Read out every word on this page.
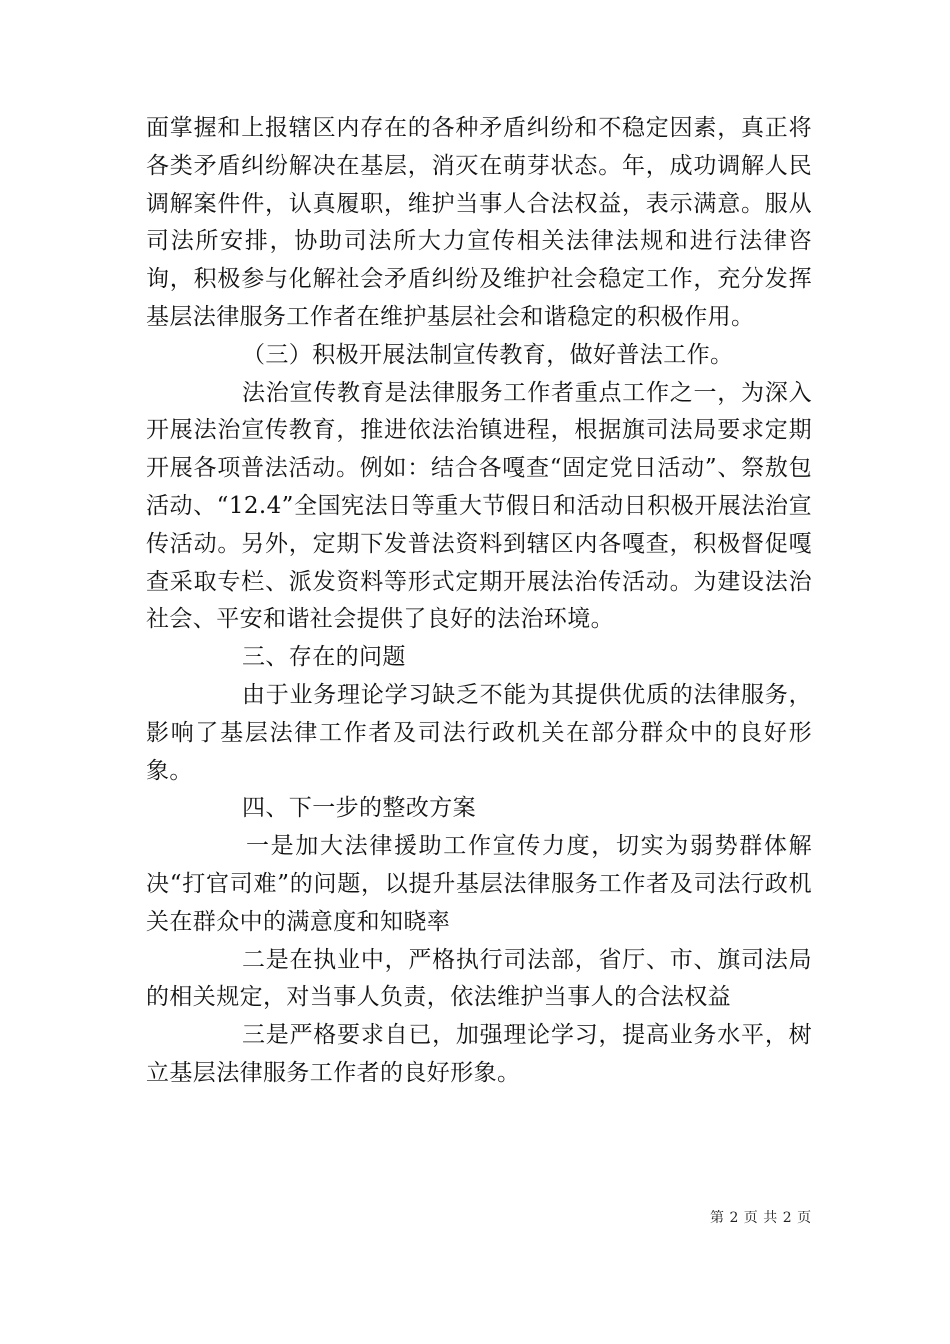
面掌握和上报辖区内存在的各种矛盾纠纷和不稳定因素，真正将各类矛盾纠纷解决在基层，消灭在萌芽状态。年，成功调解人民调解案件件，认真履职，维护当事人合法权益，表示满意。服从司法所安排，协助司法所大力宣传相关法律法规和进行法律咨询，积极参与化解社会矛盾纠纷及维护社会稳定工作，充分发挥基层法律服务工作者在维护基层社会和谐稳定的积极作用。

（三）积极开展法制宣传教育，做好普法工作。

法治宣传教育是法律服务工作者重点工作之一，为深入开展法治宣传教育，推进依法治镇进程，根据旗司法局要求定期开展各项普法活动。例如：结合各嘎查“固定党日活动”、祭敖包活动、“12.4”全国宪法日等重大节假日和活动日积极开展法治宣传活动。另外，定期下发普法资料到辖区内各嘎查，积极督促嘎查采取专栏、派发资料等形式定期开展法治传活动。为建设法治社会、平安和谐社会提供了良好的法治环境。

三、存在的问题

由于业务理论学习缺乏不能为其提供优质的法律服务，影响了基层法律工作者及司法行政机关在部分群众中的良好形象。

四、下一步的整改方案

一是加大法律援助工作宣传力度，切实为弱势群体解决“打官司难”的问题，以提升基层法律服务工作者及司法行政机关在群众中的满意度和知晓率

二是在执业中，严格执行司法部，省厅、市、旗司法局的相关规定，对当事人负责，依法维护当事人的合法权益

三是严格要求自已，加强理论学习，提高业务水平，树立基层法律服务工作者的良好形象。

第 2 页 共 2 页
